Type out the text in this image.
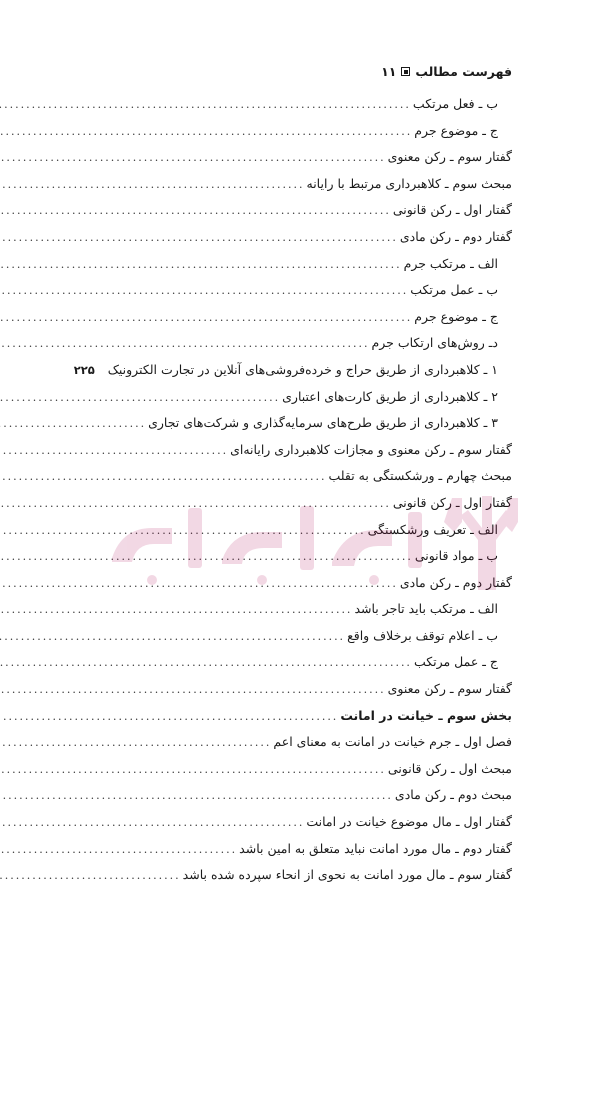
فهرست مطالب
۱۱
ب ـ فعل مرتکب
.....
ج ـ موضوع جرم
.....
گفتار سوم ـ رکن معنوی
.....
مبحث سوم ـ کلاهبرداری مرتبط با رایانه
.....
گفتار اول ـ رکن قانونی
.....
گفتار دوم ـ رکن مادی
.....
الف ـ مرتکب جرم
.....
ب ـ عمل مرتکب
.....
ج ـ موضوع جرم
.....
دـ روش‌های ارتکاب جرم
.....
۱ ـ کلاهبرداری از طریق حراج و خرده‌فروشی‌های آنلاین در تجارت الکترونیک
۲۲۵
۲ ـ کلاهبرداری از طریق کارت‌های اعتباری
.....
۳ ـ کلاهبرداری از طریق طرح‌های سرمایه‌گذاری و شرکت‌های تجاری
.....
گفتار سوم ـ رکن معنوی و مجازات کلاهبرداری رایانه‌ای
.....
مبحث چهارم ـ ورشکستگی به تقلب
.....
گفتار اول ـ رکن قانونی
.....
الف ـ تعریف ورشکستگی
.....
ب ـ مواد قانونی
.....
گفتار دوم ـ رکن مادی
.....
الف ـ مرتکب باید تاجر باشد
.....
ب ـ اعلام توقف برخلاف واقع
.....
ج ـ عمل مرتکب
.....
گفتار سوم ـ رکن معنوی
.....
بخش سوم ـ خیانت در امانت
.....
فصل اول ـ جرم خیانت در امانت به معنای اعم
.....
مبحث اول ـ رکن قانونی
.....
مبحث دوم ـ رکن مادی
.....
گفتار اول ـ مال موضوع خیانت در امانت
.....
گفتار دوم ـ مال مورد امانت نباید متعلق به امین باشد
.....
گفتار سوم ـ مال مورد امانت به نحوی از انحاء سپرده شده باشد
.....
